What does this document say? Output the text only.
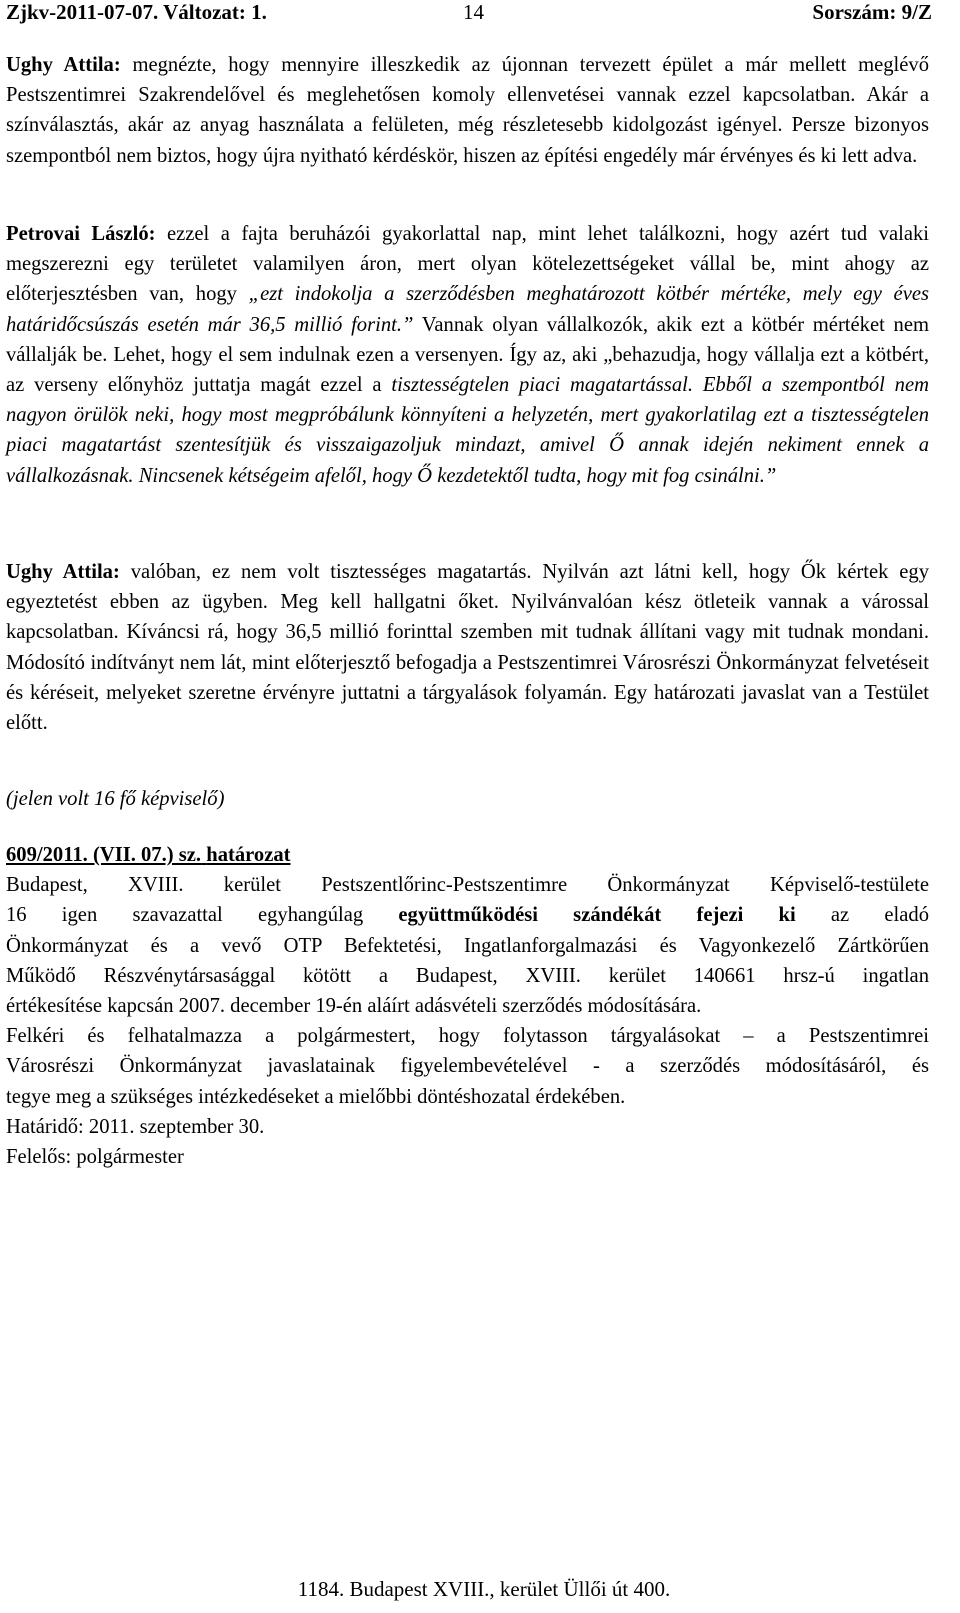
Zjkv-2011-07-07. Változat: 1.	14	Sorszám: 9/Z

Ughy Attila: megnézte, hogy mennyire illeszkedik az újonnan tervezett épület a már mellett meglévő Pestszentimrei Szakrendelővel és meglehetősen komoly ellenvetései vannak ezzel kapcsolatban. Akár a színválasztás, akár az anyag használata a felületen, még részletesebb kidolgozást igényel. Persze bizonyos szempontból nem biztos, hogy újra nyitható kérdéskör, hiszen az építési engedély már érvényes és ki lett adva.

Petrovai László: ezzel a fajta beruházói gyakorlattal nap, mint lehet találkozni, hogy azért tud valaki megszerezni egy területet valamilyen áron, mert olyan kötelezettségeket vállal be, mint ahogy az előterjesztésben van, hogy „ezt indokolja a szerződésben meghatározott kötbér mértéke, mely egy éves határidőcsúszás esetén már 36,5 millió forint.” Vannak olyan vállalkozók, akik ezt a kötbér mértéket nem vállalják be. Lehet, hogy el sem indulnak ezen a versenyen. Így az, aki „behazudja, hogy vállalja ezt a kötbért, az verseny előnyhöz juttatja magát ezzel a tisztességtelen piaci magatartással. Ebből a szempontból nem nagyon örülök neki, hogy most megpróbálunk könnyíteni a helyzetén, mert gyakorlatilag ezt a tisztességtelen piaci magatartást szentesítjük és visszaigazoljuk mindazt, amivel Ő annak idején nekiment ennek a vállalkozásnak. Nincsenek kétségeim afelől, hogy Ő kezdetektől tudta, hogy mit fog csinálni.”

Ughy Attila: valóban, ez nem volt tisztességes magatartás. Nyilván azt látni kell, hogy Ők kértek egy egyeztetést ebben az ügyben. Meg kell hallgatni őket. Nyilvánvalóan kész ötleteik vannak a várossal kapcsolatban. Kíváncsi rá, hogy 36,5 millió forinttal szemben mit tudnak állítani vagy mit tudnak mondani. Módosító indítványt nem lát, mint előterjesztő befogadja a Pestszentimrei Városrészi Önkormányzat felvetéseit és kéréseit, melyeket szeretne érvényre juttatni a tárgyalások folyamán. Egy határozati javaslat van a Testület előtt.

(jelen volt 16 fő képviselő)

609/2011. (VII. 07.) sz. határozat
Budapest, XVIII. kerület Pestszentlőrinc-Pestszentimre Önkormányzat Képviselő-testülete
16 igen szavazattal egyhangúlag együttműködési szándékát fejezi ki az eladó
Önkormányzat és a vevő OTP Befektetési, Ingatlanforgalmazási és Vagyonkezelő Zártkörűen
Működő Részvénytársasággal kötött a Budapest, XVIII. kerület 140661 hrsz-ú ingatlan
értékesítése kapcsán 2007. december 19-én aláírt adásvételi szerződés módosítására.
Felkéri és felhatalmazza a polgármestert, hogy folytasson tárgyalásokat – a Pestszentimrei
Városrészi Önkormányzat javaslatainak figyelembevételével - a szerződés módosításáról, és
tegye meg a szükséges intézkedéseket a mielőbbi döntéshozatal érdekében.
Határidő: 2011. szeptember 30.
Felelős: polgármester
1184. Budapest XVIII., kerület Üllői út 400.
